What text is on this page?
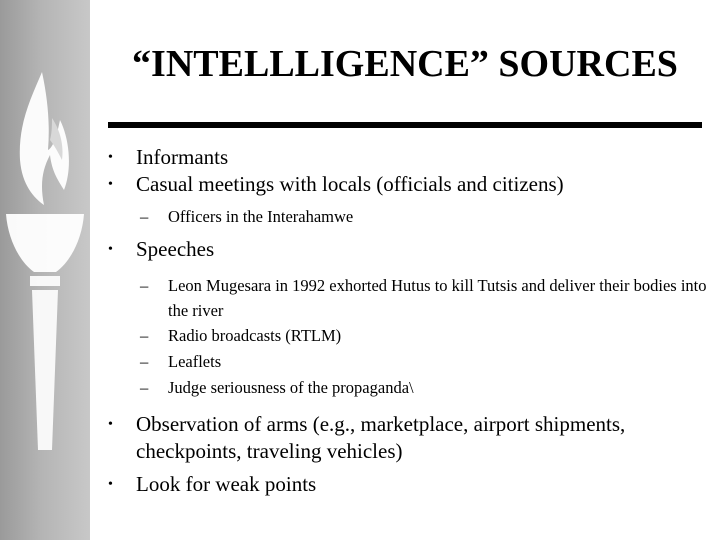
“INTELLLIGENCE” SOURCES
•	Informants
•	Casual meetings with locals (officials and citizens)
–	Officers in the Interahamwe
•	Speeches
–	Leon Mugesara in 1992 exhorted Hutus to kill Tutsis and deliver their bodies into the river
–	Radio broadcasts (RTLM)
–	Leaflets
–	Judge seriousness of the propaganda\
•	Observation of arms (e.g., marketplace, airport shipments, checkpoints, traveling vehicles)
•	Look for weak points
